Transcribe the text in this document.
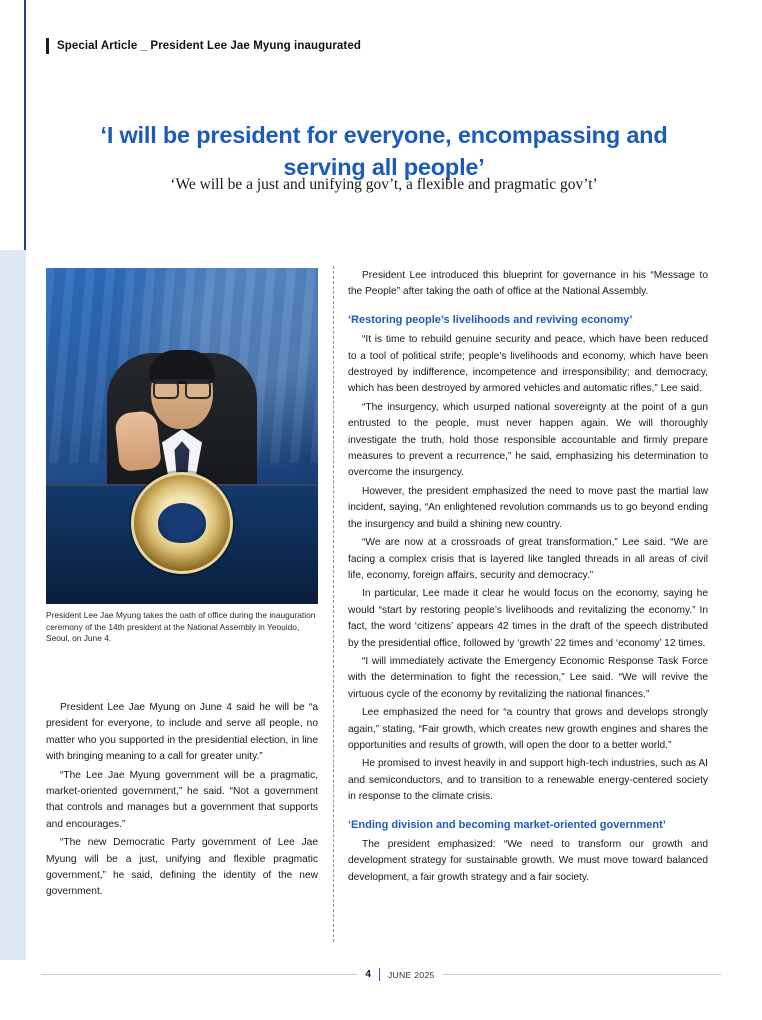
Special Article _ President Lee Jae Myung inaugurated
‘I will be president for everyone, encompassing and serving all people’
‘We will be a just and unifying gov’t, a flexible and pragmatic gov’t’
President Lee Jae Myung takes the oath of office during the inauguration ceremony of the 14th president at the National Assembly in Yeouido, Seoul, on June 4.

President Lee Jae Myung on June 4 said he will be “a president for everyone, to include and serve all people, no matter who you supported in the presidential election, in line with bringing meaning to a call for greater unity.”

“The Lee Jae Myung government will be a pragmatic, market-oriented government,” he said. “Not a government that controls and manages but a government that supports and encourages.”

“The new Democratic Party government of Lee Jae Myung will be a just, unifying and flexible pragmatic government,” he said, defining the identity of the new government.

President Lee introduced this blueprint for governance in his “Message to the People” after taking the oath of office at the National Assembly.

‘Restoring people’s livelihoods and reviving economy’

“It is time to rebuild genuine security and peace, which have been reduced to a tool of political strife; people’s livelihoods and economy, which have been destroyed by indifference, incompetence and irresponsibility; and democracy, which has been destroyed by armored vehicles and automatic rifles,” Lee said.

“The insurgency, which usurped national sovereignty at the point of a gun entrusted to the people, must never happen again. We will thoroughly investigate the truth, hold those responsible accountable and firmly prepare measures to prevent a recurrence,” he said, emphasizing his determination to overcome the insurgency.

However, the president emphasized the need to move past the martial law incident, saying, “An enlightened revolution commands us to go beyond ending the insurgency and build a shining new country.

“We are now at a crossroads of great transformation,” Lee said. “We are facing a complex crisis that is layered like tangled threads in all areas of civil life, economy, foreign affairs, security and democracy.”

In particular, Lee made it clear he would focus on the economy, saying he would “start by restoring people’s livelihoods and revitalizing the economy.” In fact, the word ‘citizens’ appears 42 times in the draft of the speech distributed by the presidential office, followed by ‘growth’ 22 times and ‘economy’ 12 times.

“I will immediately activate the Emergency Economic Response Task Force with the determination to fight the recession,” Lee said. “We will revive the virtuous cycle of the economy by revitalizing the national finances.”

Lee emphasized the need for “a country that grows and develops strongly again,” stating, “Fair growth, which creates new growth engines and shares the opportunities and results of growth, will open the door to a better world.”

He promised to invest heavily in and support high-tech industries, such as AI and semiconductors, and to transition to a renewable energy-centered society in response to the climate crisis.

‘Ending division and becoming market-oriented government’

The president emphasized: “We need to transform our growth and development strategy for sustainable growth. We must move toward balanced development, a fair growth strategy and a fair society.

4 JUNE 2025
